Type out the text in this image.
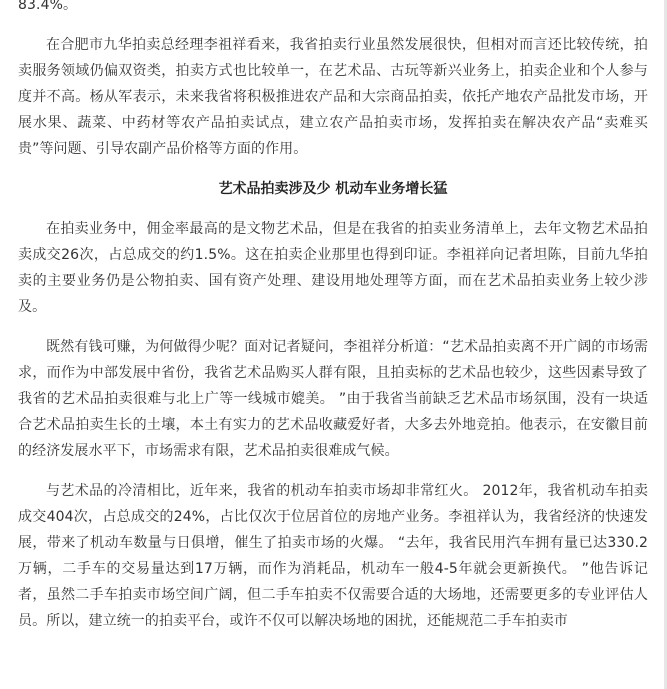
83.4%。

在合肥市九华拍卖总经理李祖祥看来，我省拍卖行业虽然发展很快，但相对而言还比较传统，拍卖服务领域仍偏双资类，拍卖方式也比较单一，在艺术品、古玩等新兴业务上，拍卖企业和个人参与度并不高。杨从军表示，未来我省将积极推进农产品和大宗商品拍卖，依托产地农产品批发市场，开展水果、蔬菜、中药材等农产品拍卖试点，建立农产品拍卖市场，发挥拍卖在解决农产品“卖难买贵”等问题、引导农副产品价格等方面的作用。

艺术品拍卖涉及少 机动车业务增长猛

在拍卖业务中，佣金率最高的是文物艺术品，但是在我省的拍卖业务清单上，去年文物艺术品拍卖成交26次，占总成交的约1.5%。这在拍卖企业那里也得到印证。李祖祥向记者坦陈，目前九华拍卖的主要业务仍是公物拍卖、国有资产处理、建设用地处理等方面，而在艺术品拍卖业务上较少涉及。

既然有钱可赚，为何做得少呢？面对记者疑问，李祖祥分析道：“艺术品拍卖离不开广阔的市场需求，而作为中部发展中省份，我省艺术品购买人群有限，且拍卖标的艺术品也较少，这些因素导致了我省的艺术品拍卖很难与北上广等一线城市媲美。 ”由于我省当前缺乏艺术品市场氛围，没有一块适合艺术品拍卖生长的土壤，本土有实力的艺术品收藏爱好者，大多去外地竞拍。他表示，在安徽目前的经济发展水平下，市场需求有限，艺术品拍卖很难成气候。

与艺术品的冷清相比，近年来，我省的机动车拍卖市场却非常红火。 2012年，我省机动车拍卖成交404次，占总成交的24%，占比仅次于位居首位的房地产业务。李祖祥认为，我省经济的快速发展，带来了机动车数量与日俱增，催生了拍卖市场的火爆。 “去年，我省民用汽车拥有量已达330.2万辆，二手车的交易量达到17万辆，而作为消耗品，机动车一般4-5年就会更新换代。 ”他告诉记者，虽然二手车拍卖市场空间广阔，但二手车拍卖不仅需要合适的大场地，还需要更多的专业评估人员。所以，建立统一的拍卖平台，或许不仅可以解决场地的困扰，还能规范二手车拍卖市
